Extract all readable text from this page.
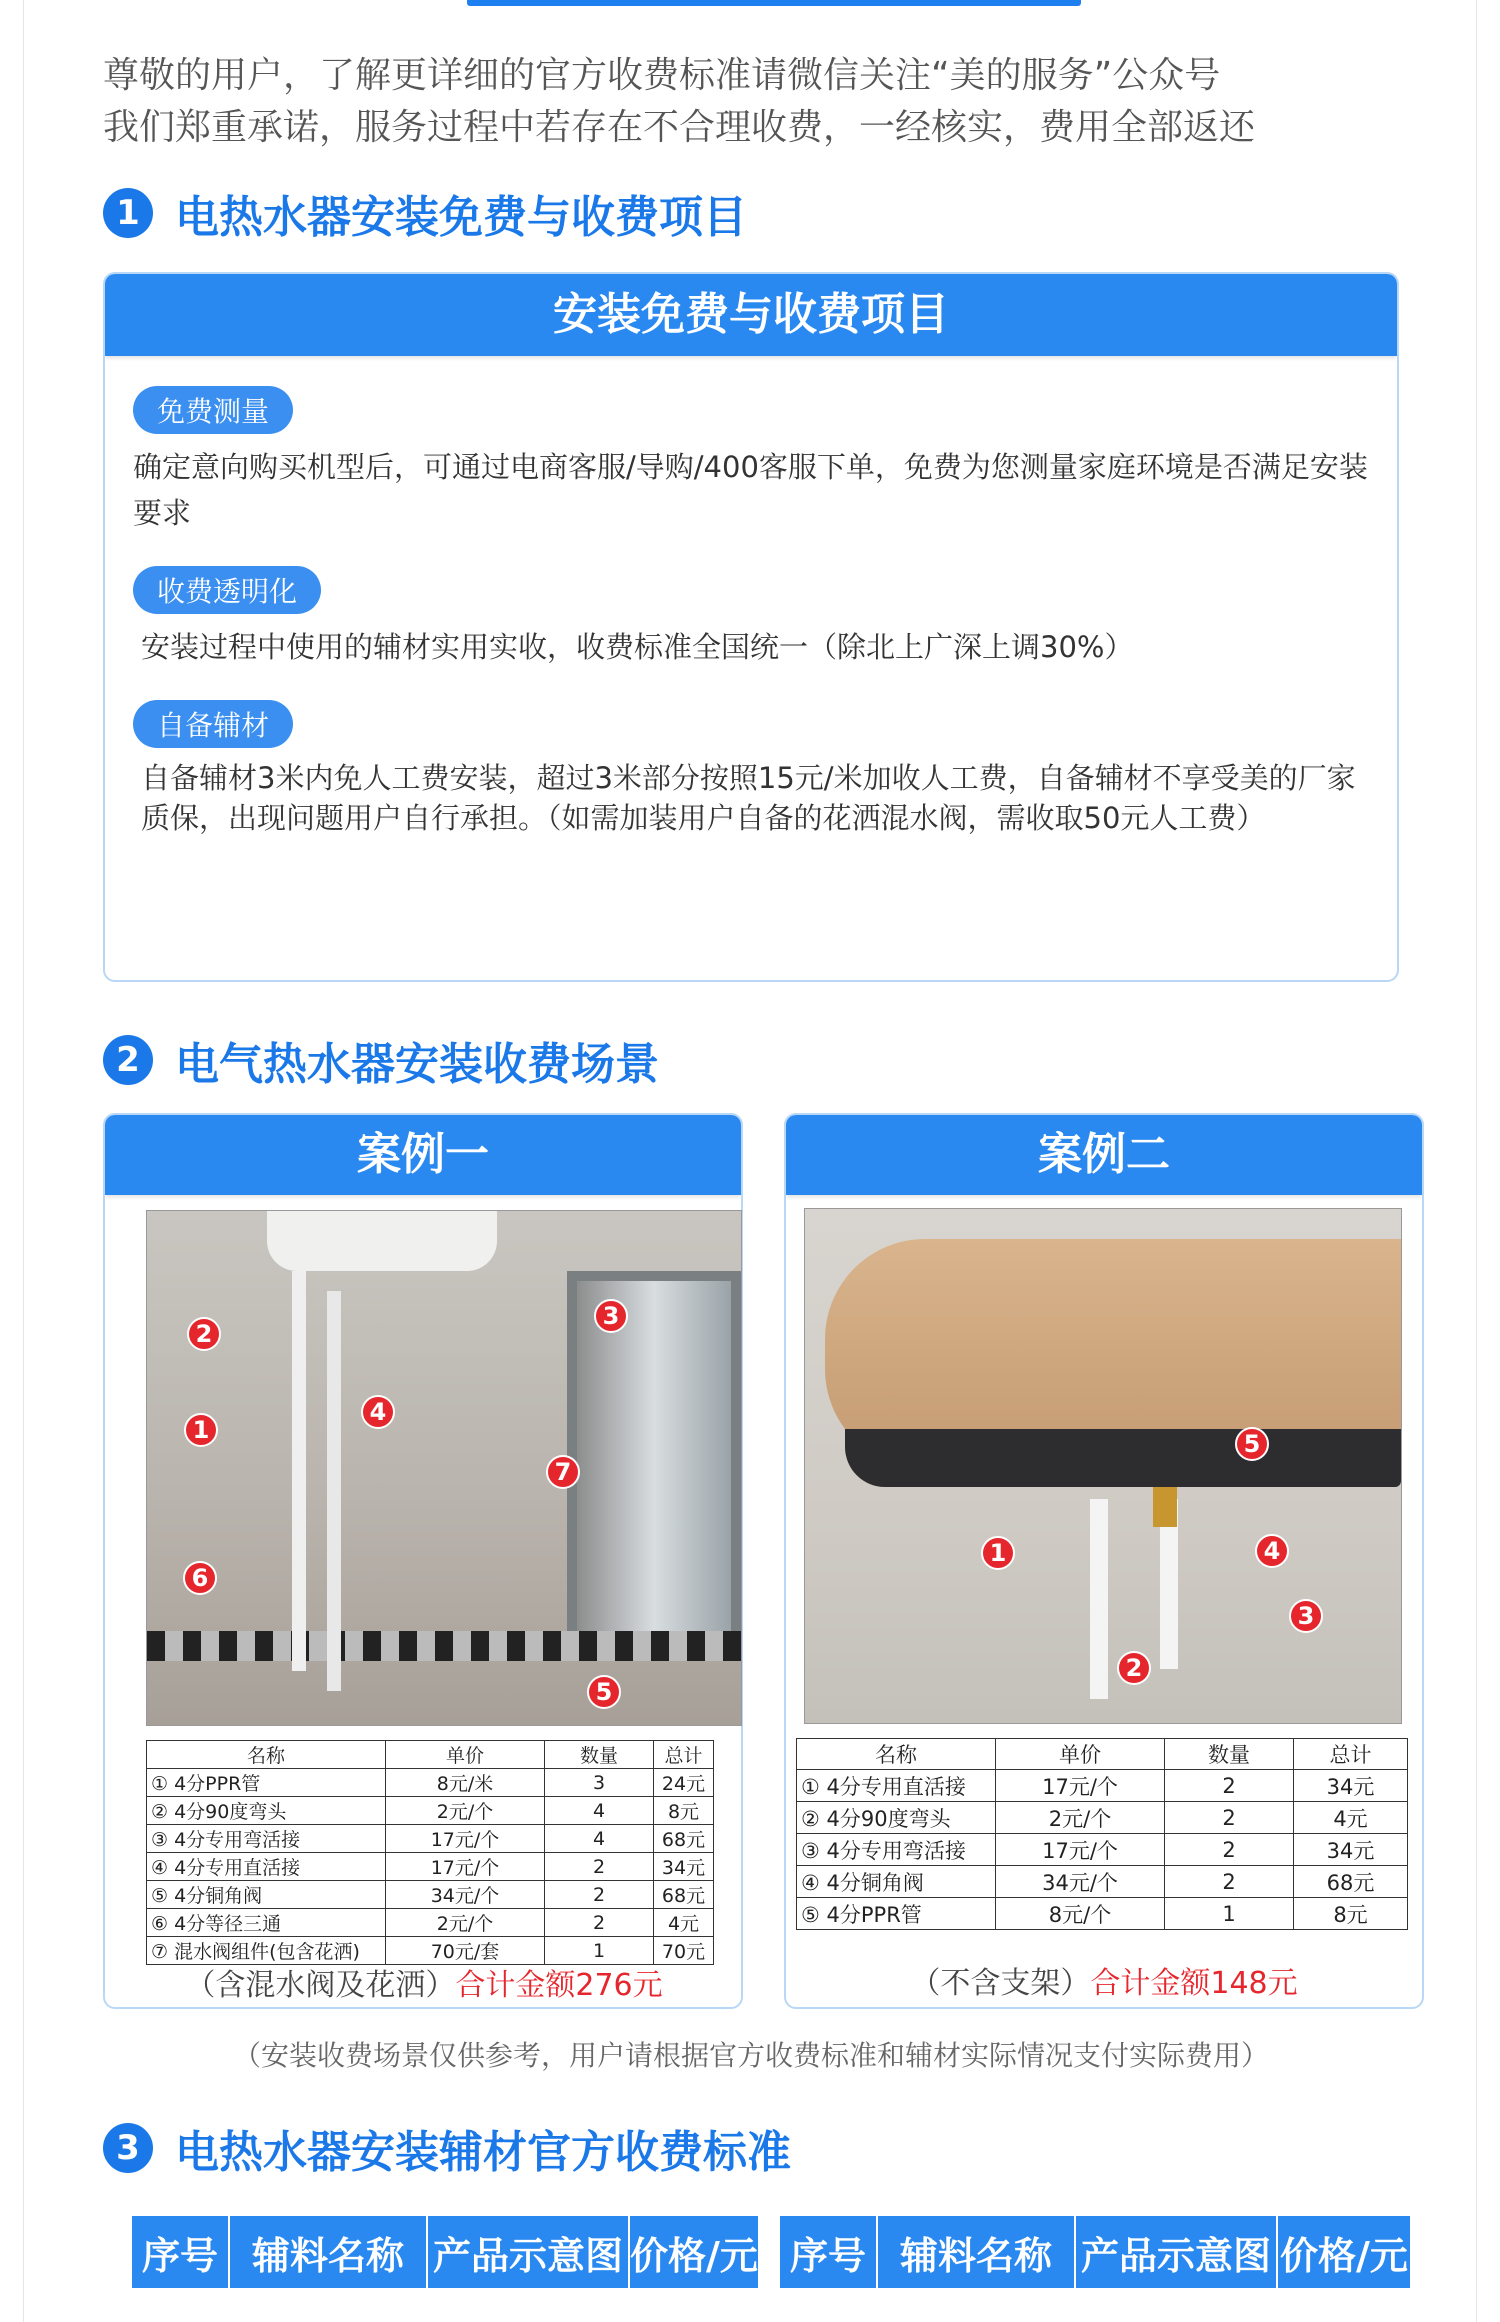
尊敬的用户，了解更详细的官方收费标准请微信关注“美的服务”公众号
我们郑重承诺，服务过程中若存在不合理收费，一经核实，费用全部返还
1 电热水器安装免费与收费项目
安装免费与收费项目
免费测量
确定意向购买机型后，可通过电商客服/导购/400客服下单，免费为您测量家庭环境是否满足安装要求
收费透明化
安装过程中使用的辅材实用实收，收费标准全国统一（除北上广深上调30%）
自备辅材
自备辅材3米内免人工费安装，超过3米部分按照15元/米加收人工费，自备辅材不享受美的厂家质保，出现问题用户自行承担。（如需加装用户自备的花洒混水阀，需收取50元人工费）
2 电气热水器安装收费场景
案例一
2
3
1
4
7
6
5
名称	单价	数量	总计
① 4分PPR管	8元/米	3	24元
② 4分90度弯头	2元/个	4	8元
③ 4分专用弯活接	17元/个	4	68元
④ 4分专用直活接	17元/个	2	34元
⑤ 4分铜角阀	34元/个	2	68元
⑥ 4分等径三通	2元/个	2	4元
⑦ 混水阀组件(包含花洒)	70元/套	1	70元
（含混水阀及花洒）合计金额276元
案例二
5
1	4
3
2
名称	单价	数量	总计
① 4分专用直活接	17元/个	2	34元
② 4分90度弯头	2元/个	2	4元
③ 4分专用弯活接	17元/个	2	34元
④ 4分铜角阀	34元/个	2	68元
⑤ 4分PPR管	8元/个	1	8元
（不含支架）合计金额148元
（安装收费场景仅供参考，用户请根据官方收费标准和辅材实际情况支付实际费用）
3 电热水器安装辅材官方收费标准
序号 辅料名称 产品示意图 价格/元 序号 辅料名称 产品示意图 价格/元
